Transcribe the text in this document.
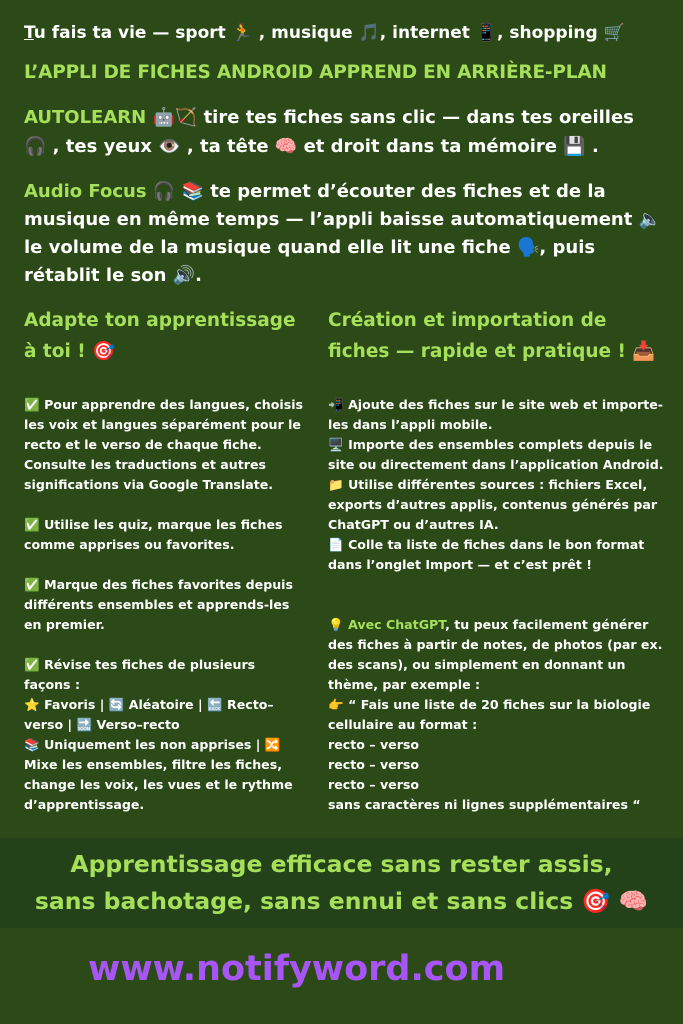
Tu fais ta vie — sport 🏃 , musique 🎵, internet 📱, shopping 🛒
L’APPLI DE FICHES ANDROID APPREND EN ARRIÈRE-PLAN
AUTOLEARN 🤖🏹 tire tes fiches sans clic — dans tes oreilles
🎧 , tes yeux 👁️ , ta tête 🧠 et droit dans ta mémoire 💾 .
Audio Focus 🎧 📚 te permet d’écouter des fiches et de la
musique en même temps — l’appli baisse automatiquement 🔈
le volume de la musique quand elle lit une fiche 🗣️, puis
rétablit le son 🔊.
Adapte ton apprentissage
à toi ! 🎯

✅ Pour apprendre des langues, choisis

les voix et langues séparément pour le

recto et le verso de chaque fiche.

Consulte les traductions et autres

significations via Google Translate.

✅ Utilise les quiz, marque les fiches

comme apprises ou favorites.

✅ Marque des fiches favorites depuis

différents ensembles et apprends-les

en premier.

✅ Révise tes fiches de plusieurs

façons :

⭐ Favoris | 🔄 Aléatoire | 🔙 Recto–

verso | 🔜 Verso–recto

📚 Uniquement les non apprises | 🔀

Mixe les ensembles, filtre les fiches,

change les voix, les vues et le rythme

d’apprentissage.

Création et importation de
fiches — rapide et pratique ! 📥

📲 Ajoute des fiches sur le site web et importe-

les dans l’appli mobile.

🖥️ Importe des ensembles complets depuis le

site ou directement dans l’application Android.

📁 Utilise différentes sources : fichiers Excel,

exports d’autres applis, contenus générés par

ChatGPT ou d’autres IA.

📄 Colle ta liste de fiches dans le bon format

dans l’onglet Import — et c’est prêt !

💡 Avec ChatGPT, tu peux facilement générer

des fiches à partir de notes, de photos (par ex.

des scans), ou simplement en donnant un

thème, par exemple :

👉 “ Fais une liste de 20 fiches sur la biologie

cellulaire au format :

recto – verso

recto – verso

recto – verso

sans caractères ni lignes supplémentaires “

Apprentissage efficace sans rester assis,
sans bachotage, sans ennui et sans clics 🎯 🧠
www.notifyword.com
